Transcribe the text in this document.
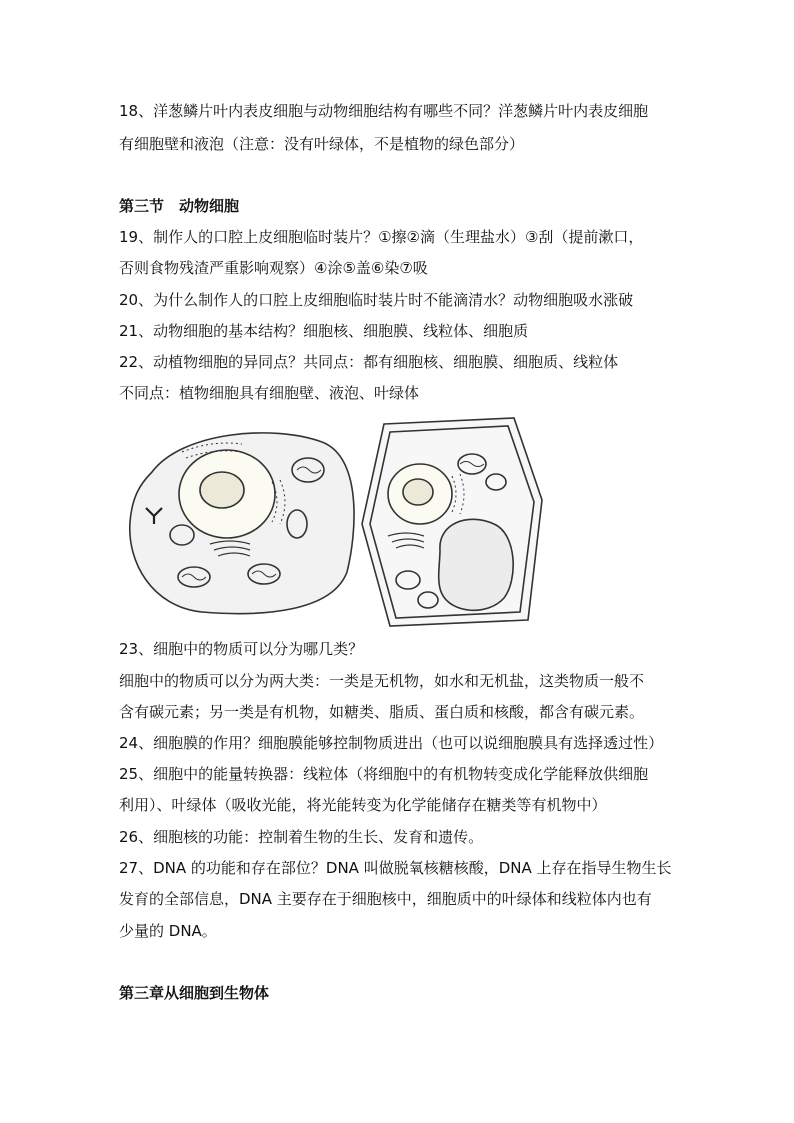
18、洋葱鳞片叶内表皮细胞与动物细胞结构有哪些不同？洋葱鳞片叶内表皮细胞
有细胞壁和液泡（注意：没有叶绿体，不是植物的绿色部分）
第三节　动物细胞
19、制作人的口腔上皮细胞临时装片？①擦②滴（生理盐水）③刮（提前漱口，
否则食物残渣严重影响观察）④涂⑤盖⑥染⑦吸
20、为什么制作人的口腔上皮细胞临时装片时不能滴清水？动物细胞吸水涨破
21、动物细胞的基本结构？细胞核、细胞膜、线粒体、细胞质
22、动植物细胞的异同点？共同点：都有细胞核、细胞膜、细胞质、线粒体
不同点：植物细胞具有细胞壁、液泡、叶绿体
23、细胞中的物质可以分为哪几类？
细胞中的物质可以分为两大类：一类是无机物，如水和无机盐，这类物质一般不
含有碳元素；另一类是有机物，如糖类、脂质、蛋白质和核酸，都含有碳元素。
24、细胞膜的作用？细胞膜能够控制物质进出（也可以说细胞膜具有选择透过性）
25、细胞中的能量转换器：线粒体（将细胞中的有机物转变成化学能释放供细胞
利用）、叶绿体（吸收光能，将光能转变为化学能储存在糖类等有机物中）
26、细胞核的功能：控制着生物的生长、发育和遗传。
27、DNA 的功能和存在部位？DNA 叫做脱氧核糖核酸，DNA 上存在指导生物生长
发育的全部信息，DNA 主要存在于细胞核中，细胞质中的叶绿体和线粒体内也有
少量的 DNA。
第三章从细胞到生物体
